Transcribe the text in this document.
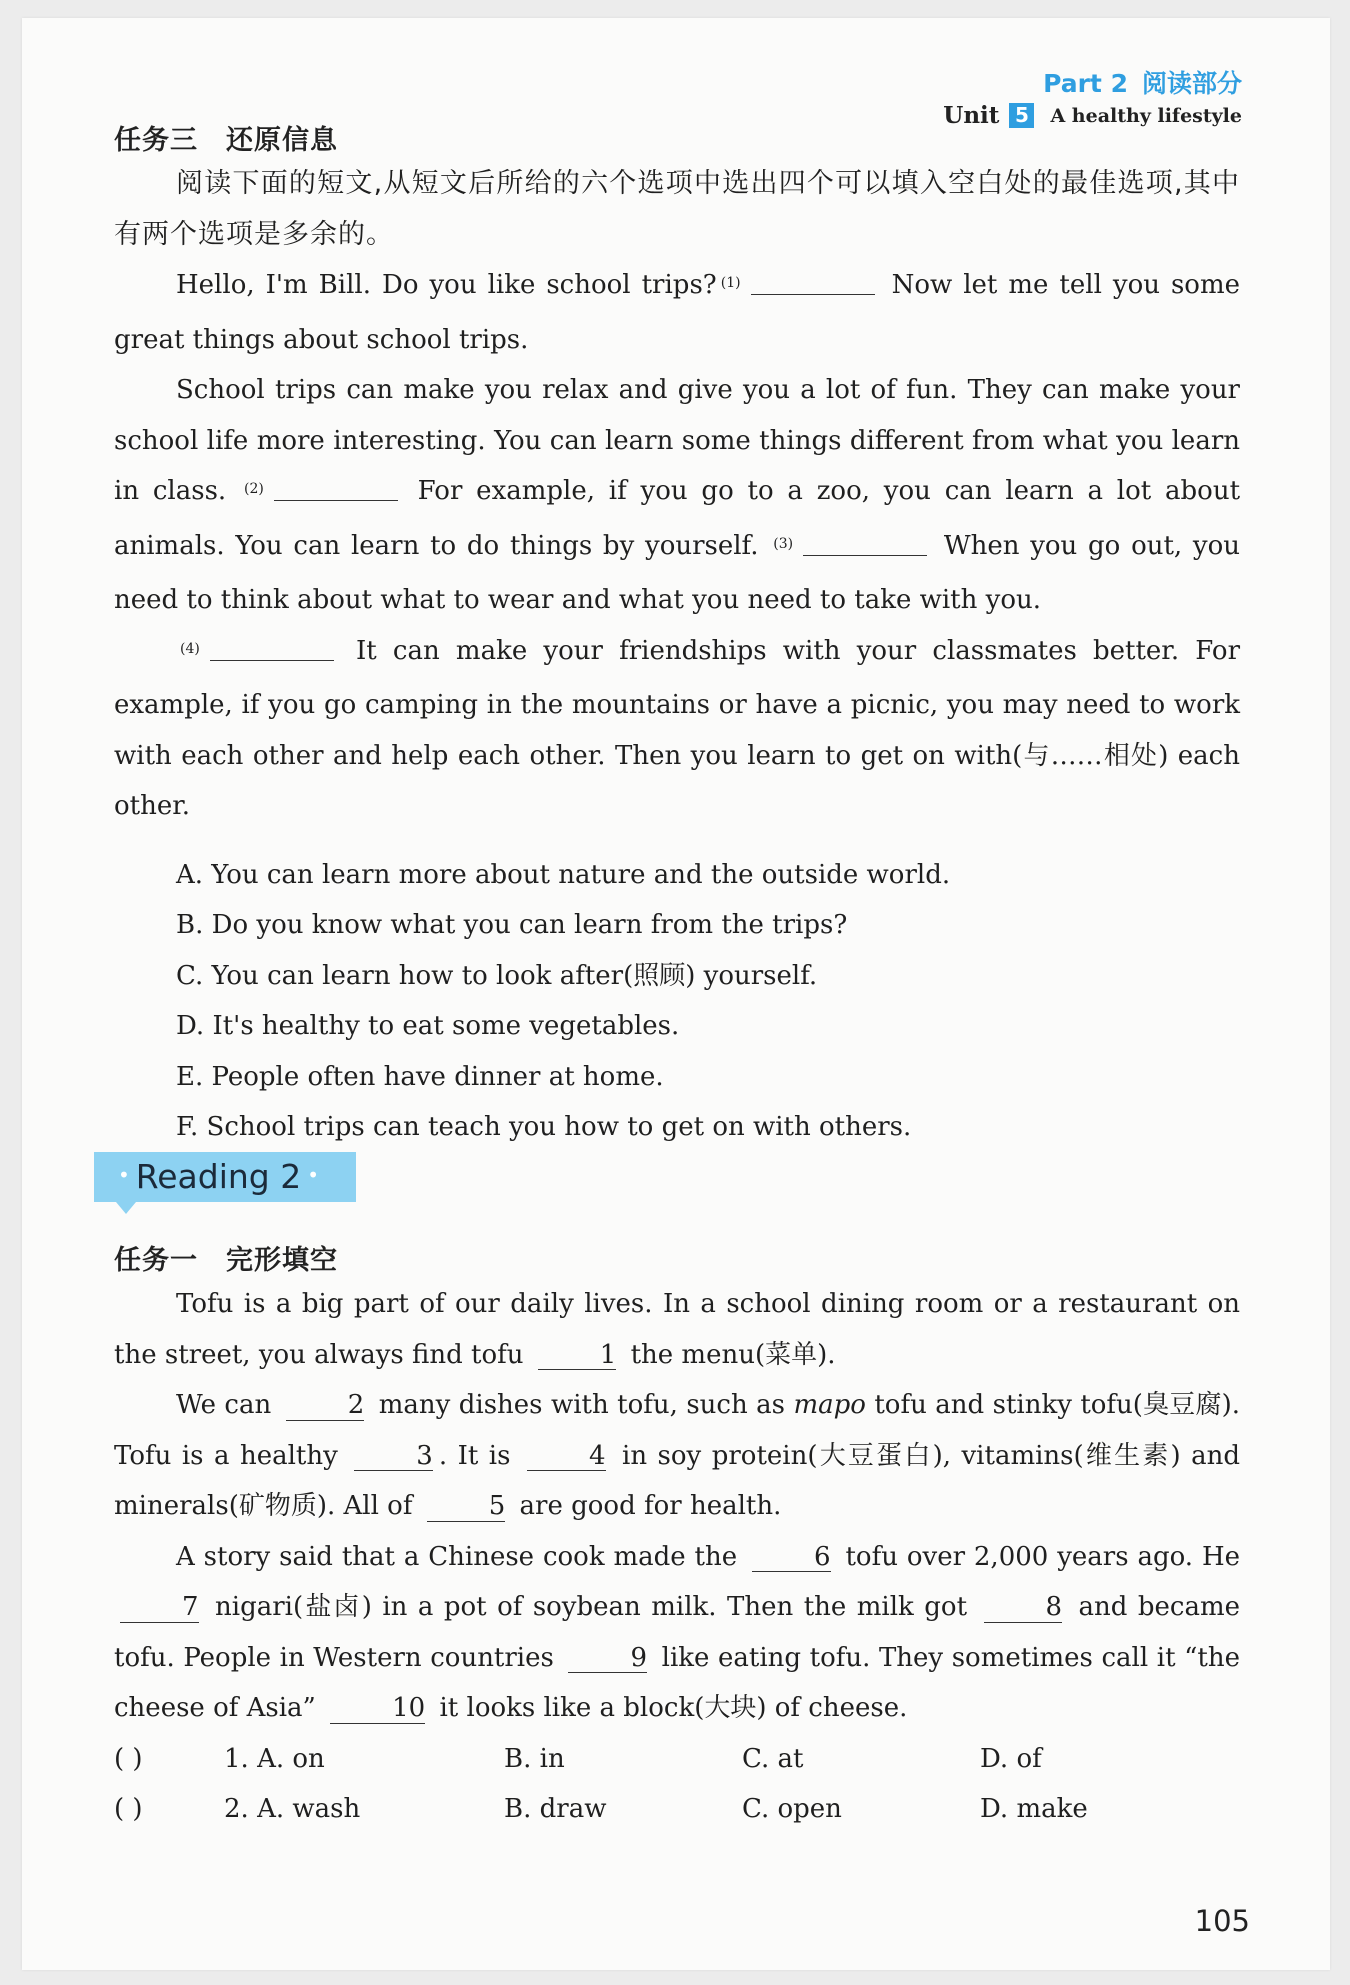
Part 2 阅读部分
Unit 5 A healthy lifestyle
任务三 还原信息

阅读下面的短文,从短文后所给的六个选项中选出四个可以填入空白处的最佳选项,其中有两个选项是多余的。

Hello, I'm Bill. Do you like school trips? $^{(1)}$	Now let me tell you some great things about school trips.

School trips can make you relax and give you a lot of fun. They can make your school life more interesting. You can learn some things different from what you learn in class. $^{(2)}$	For example, if you go to a zoo, you can learn a lot about animals. You can learn to do things by yourself. $^{(3)}$	When you go out, you need to think about what to wear and what you need to take with you.

$^{(4)}$	It can make your friendships with your classmates better. For example, if you go camping in the mountains or have a picnic, you may need to work with each other and help each other. Then you learn to get on with(与……相处) each other.

A. You can learn more about nature and the outside world.
B. Do you know what you can learn from the trips?
C. You can learn how to look after(照顾) yourself.
D. It's healthy to eat some vegetables.
E. People often have dinner at home.
F. School trips can teach you how to get on with others.
• Reading 2 •
任务一 完形填空

Tofu is a big part of our daily lives. In a school dining room or a restaurant on the street, you always find tofu	1 the menu(菜单).

We can	2 many dishes with tofu, such as mapo tofu and stinky tofu(臭豆腐). Tofu is a healthy	3 . It is	4 in soy protein(大豆蛋白), vitamins(维生素) and minerals(矿物质). All of	5 are good for health.

A story said that a Chinese cook made the	6 tofu over 2,000 years ago. He 7 nigari(盐卤) in a pot of soybean milk. Then the milk got	8 and became tofu. People in Western countries	9 like eating tofu. They sometimes call it “the cheese of Asia”	10 it looks like a block(大块) of cheese.

( )	1. A. on	B. in	C. at	D. of
( )	2. A. wash	B. draw	C. open	D. make
105
